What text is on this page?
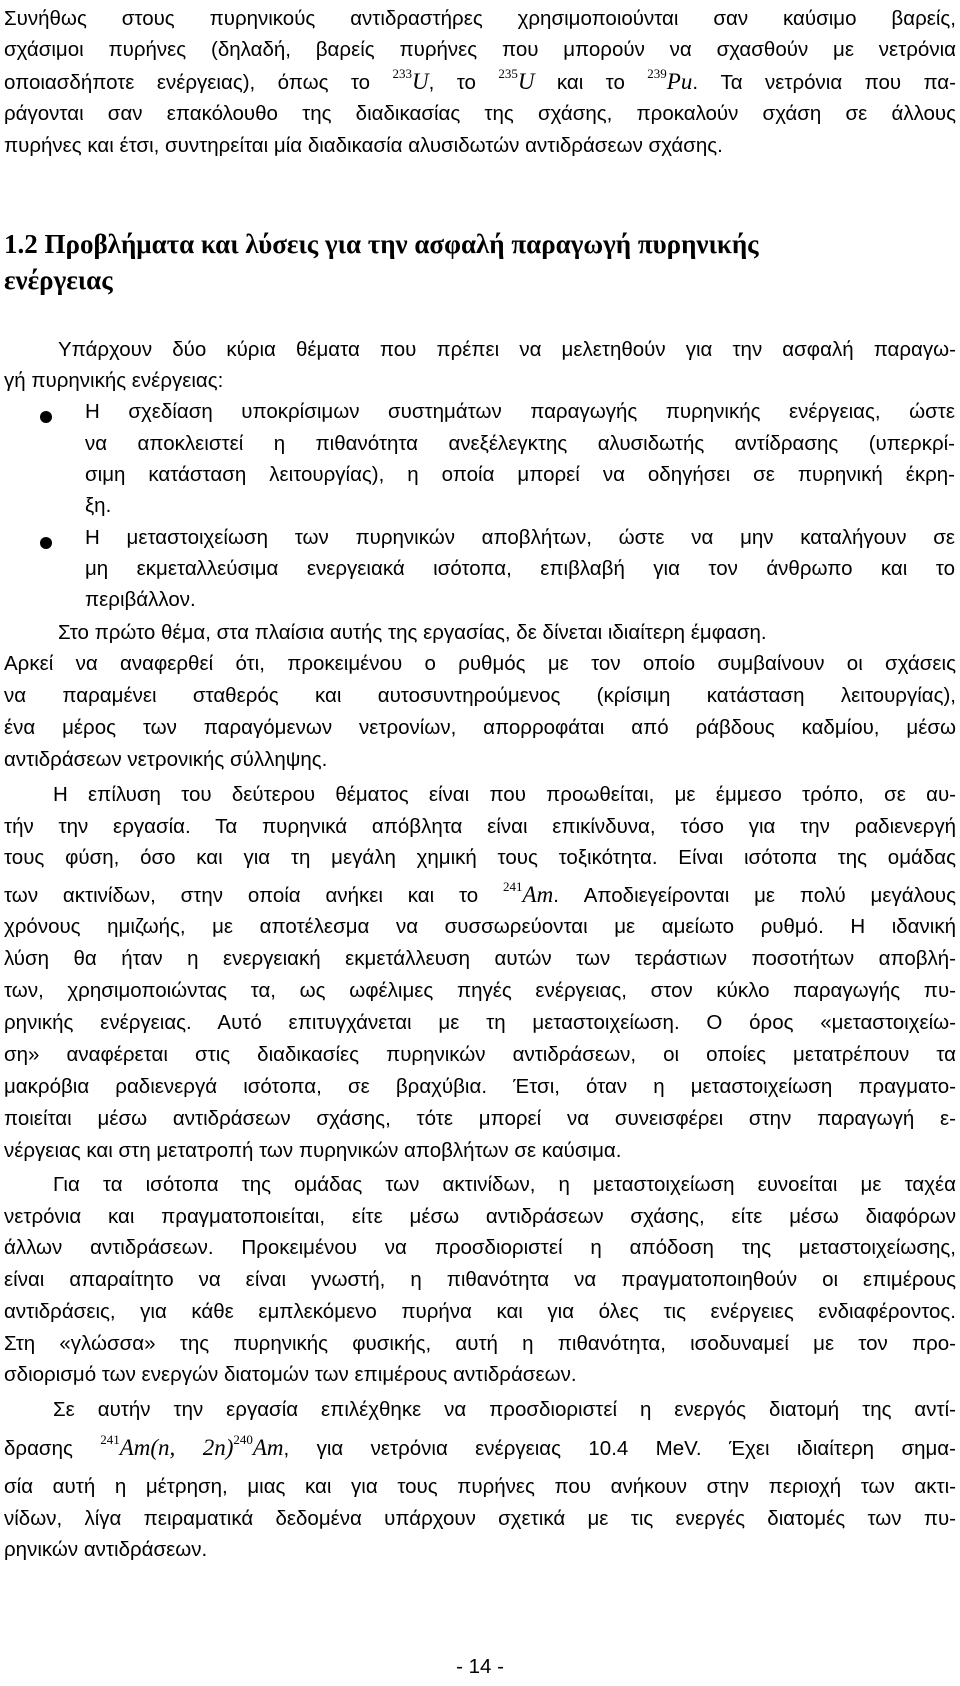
Συνήθως στους πυρηνικούς αντιδραστήρες χρησιμοποιούνται σαν καύσιμο βαρείς,
σχάσιμοι πυρήνες (δηλαδή, βαρείς πυρήνες που μπορούν να σχασθούν με νετρόνια
οποιασδήποτε ενέργειας), όπως το $^{233}$U, το $^{235}$U και το $^{239}$Pu. Τα νετρόνια που πα-
ράγονται σαν επακόλουθο της διαδικασίας της σχάσης, προκαλούν σχάση σε άλλους
πυρήνες και έτσι, συντηρείται μία διαδικασία αλυσιδωτών αντιδράσεων σχάσης.
1.2 Προβλήματα και λύσεις για την ασφαλή παραγωγή πυρηνικής
ενέργειας
Υπάρχουν δύο κύρια θέματα που πρέπει να μελετηθούν για την ασφαλή παραγω-
γή πυρηνικής ενέργειας:
Η σχεδίαση υποκρίσιμων συστημάτων παραγωγής πυρηνικής ενέργειας, ώστε
να αποκλειστεί η πιθανότητα ανεξέλεγκτης αλυσιδωτής αντίδρασης (υπερκρί-
σιμη κατάσταση λειτουργίας), η οποία μπορεί να οδηγήσει σε πυρηνική έκρη-
ξη.
Η μεταστοιχείωση των πυρηνικών αποβλήτων, ώστε να μην καταλήγουν σε
μη εκμεταλλεύσιμα ενεργειακά ισότοπα, επιβλαβή για τον άνθρωπο και το
περιβάλλον.
Στο πρώτο θέμα, στα πλαίσια αυτής της εργασίας, δε δίνεται ιδιαίτερη έμφαση.
Αρκεί να αναφερθεί ότι, προκειμένου ο ρυθμός με τον οποίο συμβαίνουν οι σχάσεις
να παραμένει σταθερός και αυτοσυντηρούμενος (κρίσιμη κατάσταση λειτουργίας),
ένα μέρος των παραγόμενων νετρονίων, απορροφάται από ράβδους καδμίου, μέσω
αντιδράσεων νετρονικής σύλληψης.
Η επίλυση του δεύτερου θέματος είναι που προωθείται, με έμμεσο τρόπο, σε αυ-
τήν την εργασία. Τα πυρηνικά απόβλητα είναι επικίνδυνα, τόσο για την ραδιενεργή
τους φύση, όσο και για τη μεγάλη χημική τους τοξικότητα. Είναι ισότοπα της ομάδας
των ακτινίδων, στην οποία ανήκει και το $^{241}$Am. Αποδιεγείρονται με πολύ μεγάλους
χρόνους ημιζωής, με αποτέλεσμα να συσσωρεύονται με αμείωτο ρυθμό. Η ιδανική
λύση θα ήταν η ενεργειακή εκμετάλλευση αυτών των τεράστιων ποσοτήτων αποβλή-
των, χρησιμοποιώντας τα, ως ωφέλιμες πηγές ενέργειας, στον κύκλο παραγωγής πυ-
ρηνικής ενέργειας. Αυτό επιτυγχάνεται με τη μεταστοιχείωση. Ο όρος «μεταστοιχείω-
ση» αναφέρεται στις διαδικασίες πυρηνικών αντιδράσεων, οι οποίες μετατρέπουν τα
μακρόβια ραδιενεργά ισότοπα, σε βραχύβια. Έτσι, όταν η μεταστοιχείωση πραγματο-
ποιείται μέσω αντιδράσεων σχάσης, τότε μπορεί να συνεισφέρει στην παραγωγή ε-
νέργειας και στη μετατροπή των πυρηνικών αποβλήτων σε καύσιμα.
Για τα ισότοπα της ομάδας των ακτινίδων, η μεταστοιχείωση ευνοείται με ταχέα
νετρόνια και πραγματοποιείται, είτε μέσω αντιδράσεων σχάσης, είτε μέσω διαφόρων
άλλων αντιδράσεων. Προκειμένου να προσδιοριστεί η απόδοση της μεταστοιχείωσης,
είναι απαραίτητο να είναι γνωστή, η πιθανότητα να πραγματοποιηθούν οι επιμέρους
αντιδράσεις, για κάθε εμπλεκόμενο πυρήνα και για όλες τις ενέργειες ενδιαφέροντος.
Στη «γλώσσα» της πυρηνικής φυσικής, αυτή η πιθανότητα, ισοδυναμεί με τον προ-
σδιορισμό των ενεργών διατομών των επιμέρους αντιδράσεων.
Σε αυτήν την εργασία επιλέχθηκε να προσδιοριστεί η ενεργός διατομή της αντί-
δρασης $^{241}$Am(n, 2n)$^{240}$Am, για νετρόνια ενέργειας 10.4 MeV. Έχει ιδιαίτερη σημα-
σία αυτή η μέτρηση, μιας και για τους πυρήνες που ανήκουν στην περιοχή των ακτι-
νίδων, λίγα πειραματικά δεδομένα υπάρχουν σχετικά με τις ενεργές διατομές των πυ-
ρηνικών αντιδράσεων.
- 14 -
